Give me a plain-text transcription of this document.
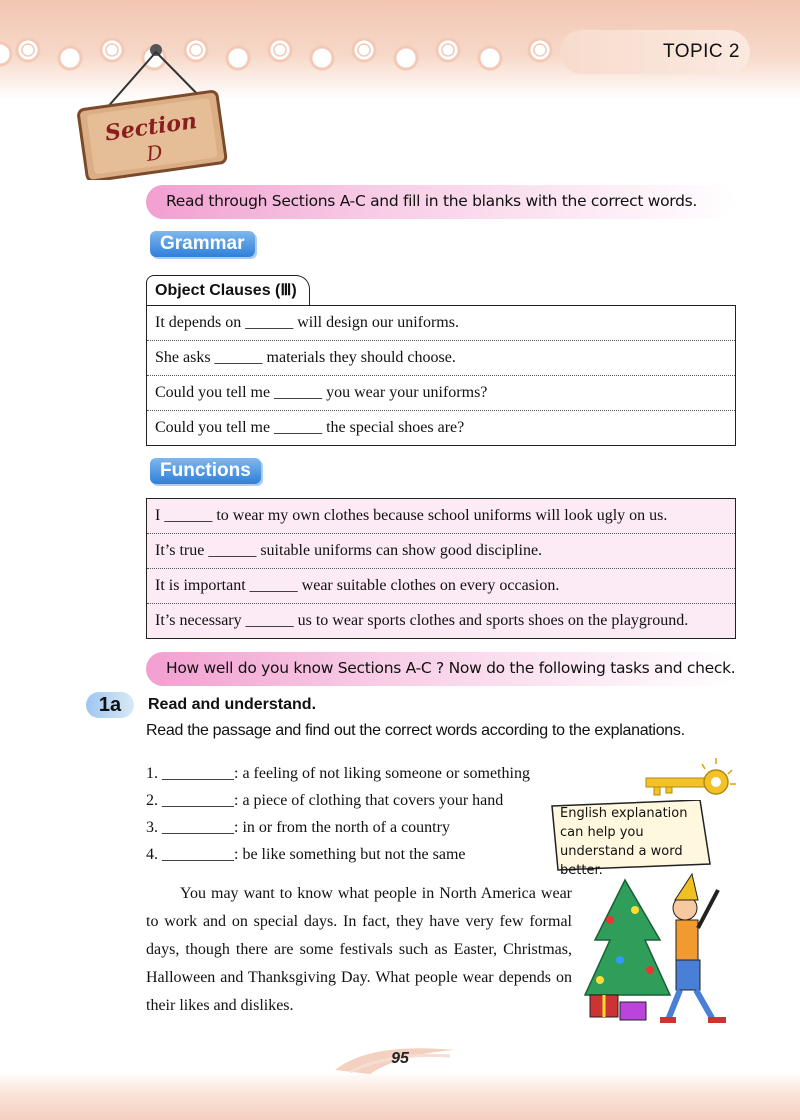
TOPIC 2
Section
D
Read through Sections A-C and fill in the blanks with the correct words.
Grammar
Object Clauses (Ⅲ)
It depends on ______ will design our uniforms.
She asks ______ materials they should choose.
Could you tell me ______ you wear your uniforms?
Could you tell me ______ the special shoes are?
Functions
I ______ to wear my own clothes because school uniforms will look ugly on us.
It’s true ______ suitable uniforms can show good discipline.
It is important ______ wear suitable clothes on every occasion.
It’s necessary ______ us to wear sports clothes and sports shoes on the playground.
How well do you know Sections A-C ? Now do the following tasks and check.
1a	Read and understand.
Read the passage and find out the correct words according to the explanations.
1. _________: a feeling of not liking someone or something
2. _________: a piece of clothing that covers your hand
3. _________: in or from the north of a country
4. _________: be like something but not the same
English explanation can help you understand a word better.

You may want to know what people in North America wear to work and on special days. In fact, they have very few formal days, though there are some festivals such as Easter, Christmas, Halloween and Thanksgiving Day. What people wear depends on their likes and dislikes.

95
